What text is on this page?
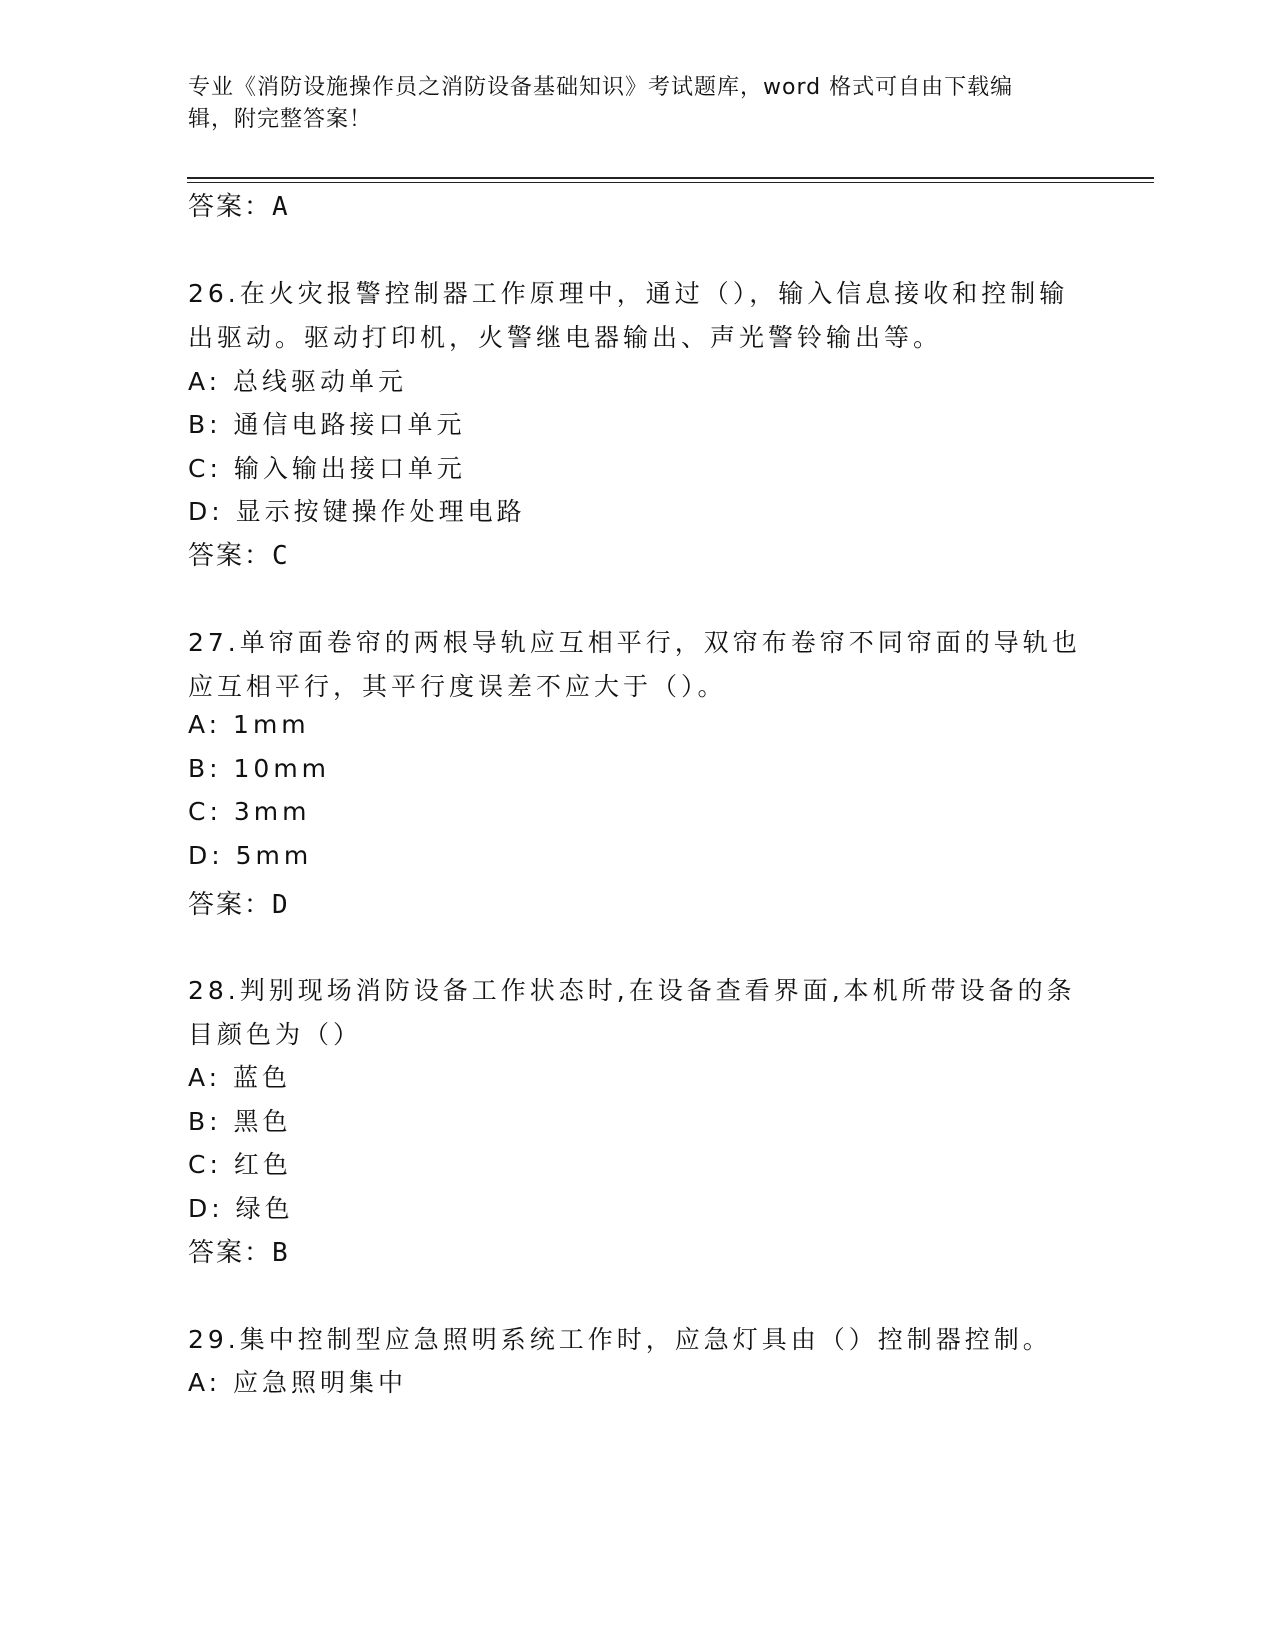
专业《消防设施操作员之消防设备基础知识》考试题库，word 格式可自由下载编
辑，附完整答案！
答案：A
26.在火灾报警控制器工作原理中，通过（），输入信息接收和控制输
出驱动。驱动打印机，火警继电器输出、声光警铃输出等。
A: 总线驱动单元
B: 通信电路接口单元
C: 输入输出接口单元
D: 显示按键操作处理电路
答案：C
27.单帘面卷帘的两根导轨应互相平行，双帘布卷帘不同帘面的导轨也
应互相平行，其平行度误差不应大于（）。
A: 1mm
B: 10mm
C: 3mm
D: 5mm
答案：D
28.判别现场消防设备工作状态时,在设备查看界面,本机所带设备的条
目颜色为（）
A: 蓝色
B: 黑色
C: 红色
D: 绿色
答案：B
29.集中控制型应急照明系统工作时，应急灯具由（）控制器控制。
A: 应急照明集中
